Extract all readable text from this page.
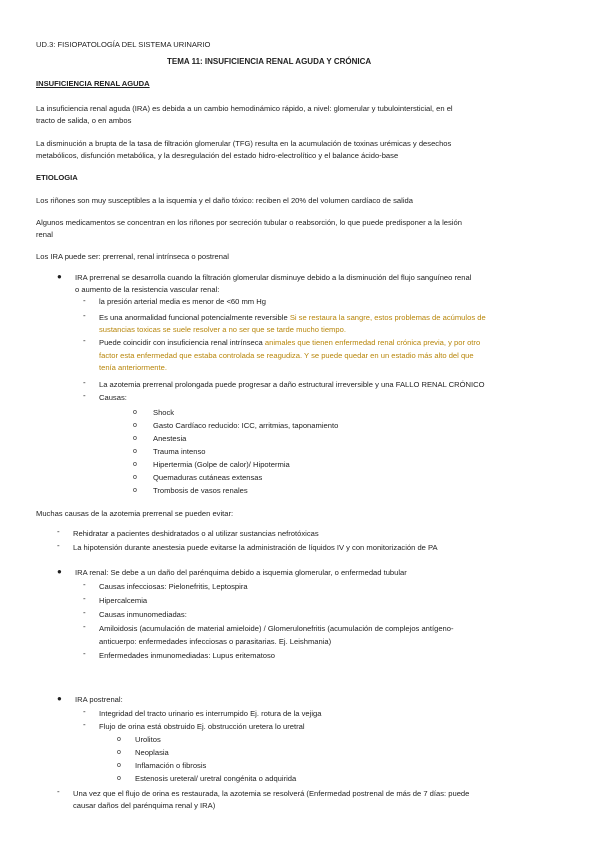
UD.3: FISIOPATOLOGÍA DEL SISTEMA URINARIO
TEMA 11: INSUFICIENCIA RENAL AGUDA Y CRÓNICA
INSUFICIENCIA RENAL AGUDA
La insuficiencia renal aguda (IRA) es debida a un cambio hemodinámico rápido, a nivel: glomerular y tubulointersticial, en el
tracto de salida, o en ambos
La disminución a brupta de la tasa de filtración glomerular (TFG) resulta en la acumulación de toxinas urémicas y desechos
metabólicos, disfunción metabólica, y la desregulación del estado hidro-electrolítico y el balance ácido-base
ETIOLOGIA
Los riñones son muy susceptibles a la isquemia y el daño tóxico: reciben el 20% del volumen cardíaco de salida
Algunos medicamentos se concentran en los riñones por secreción tubular o reabsorción, lo que puede predisponer a la lesión
renal
Los IRA puede ser: prerrenal, renal intrínseca o postrenal
● IRA prerrenal se desarrolla cuando la filtración glomerular disminuye debido a la disminución del flujo sanguíneo renal
o aumento de la resistencia vascular renal:
- la presión arterial media es menor de <60 mm Hg
- Es una anormalidad funcional potencialmente reversible Si se restaura la sangre, estos problemas de acúmulos de
sustancias toxicas se suele resolver a no ser que se tarde mucho tiempo.
- Puede coincidir con insuficiencia renal intrínseca animales que tienen enfermedad renal crónica previa, y por otro
factor esta enfermedad que estaba controlada se reagudiza. Y se puede quedar en un estadio más alto del que
tenía anteriormente.
- La azotemia prerrenal prolongada puede progresar a daño estructural irreversible y una FALLO RENAL CRÓNICO
- Causas:
o Shock
o Gasto Cardíaco reducido: ICC, arritmias, taponamiento
o Anestesia
o Trauma intenso
o Hipertermia (Golpe de calor)/ Hipotermia
o Quemaduras cutáneas extensas
o Trombosis de vasos renales
Muchas causas de la azotemia prerrenal se pueden evitar:
- Rehidratar a pacientes deshidratados o al utilizar sustancias nefrotóxicas
- La hipotensión durante anestesia puede evitarse la administración de líquidos IV y con monitorización de PA
● IRA renal: Se debe a un daño del parénquima debido a isquemia glomerular, o enfermedad tubular
- Causas infecciosas: Pielonefritis, Leptospira
- Hipercalcemia
- Causas inmunomediadas:
- Amiloidosis (acumulación de material amieloide) / Glomerulonefritis (acumulación de complejos antígeno-
anticuerpo: enfermedades infecciosas o parasitarias. Ej. Leishmania)
- Enfermedades inmunomediadas: Lupus eritematoso
● IRA postrenal:
- Integridad del tracto urinario es interrumpido Ej. rotura de la vejiga
- Flujo de orina está obstruido Ej. obstrucción uretera lo uretral
o Urolitos
o Neoplasia
o Inflamación o fibrosis
o Estenosis ureteral/ uretral congénita o adquirida
- Una vez que el flujo de orina es restaurada, la azotemia se resolverá (Enfermedad postrenal de más de 7 días: puede
causar daños del parénquima renal y IRA)
